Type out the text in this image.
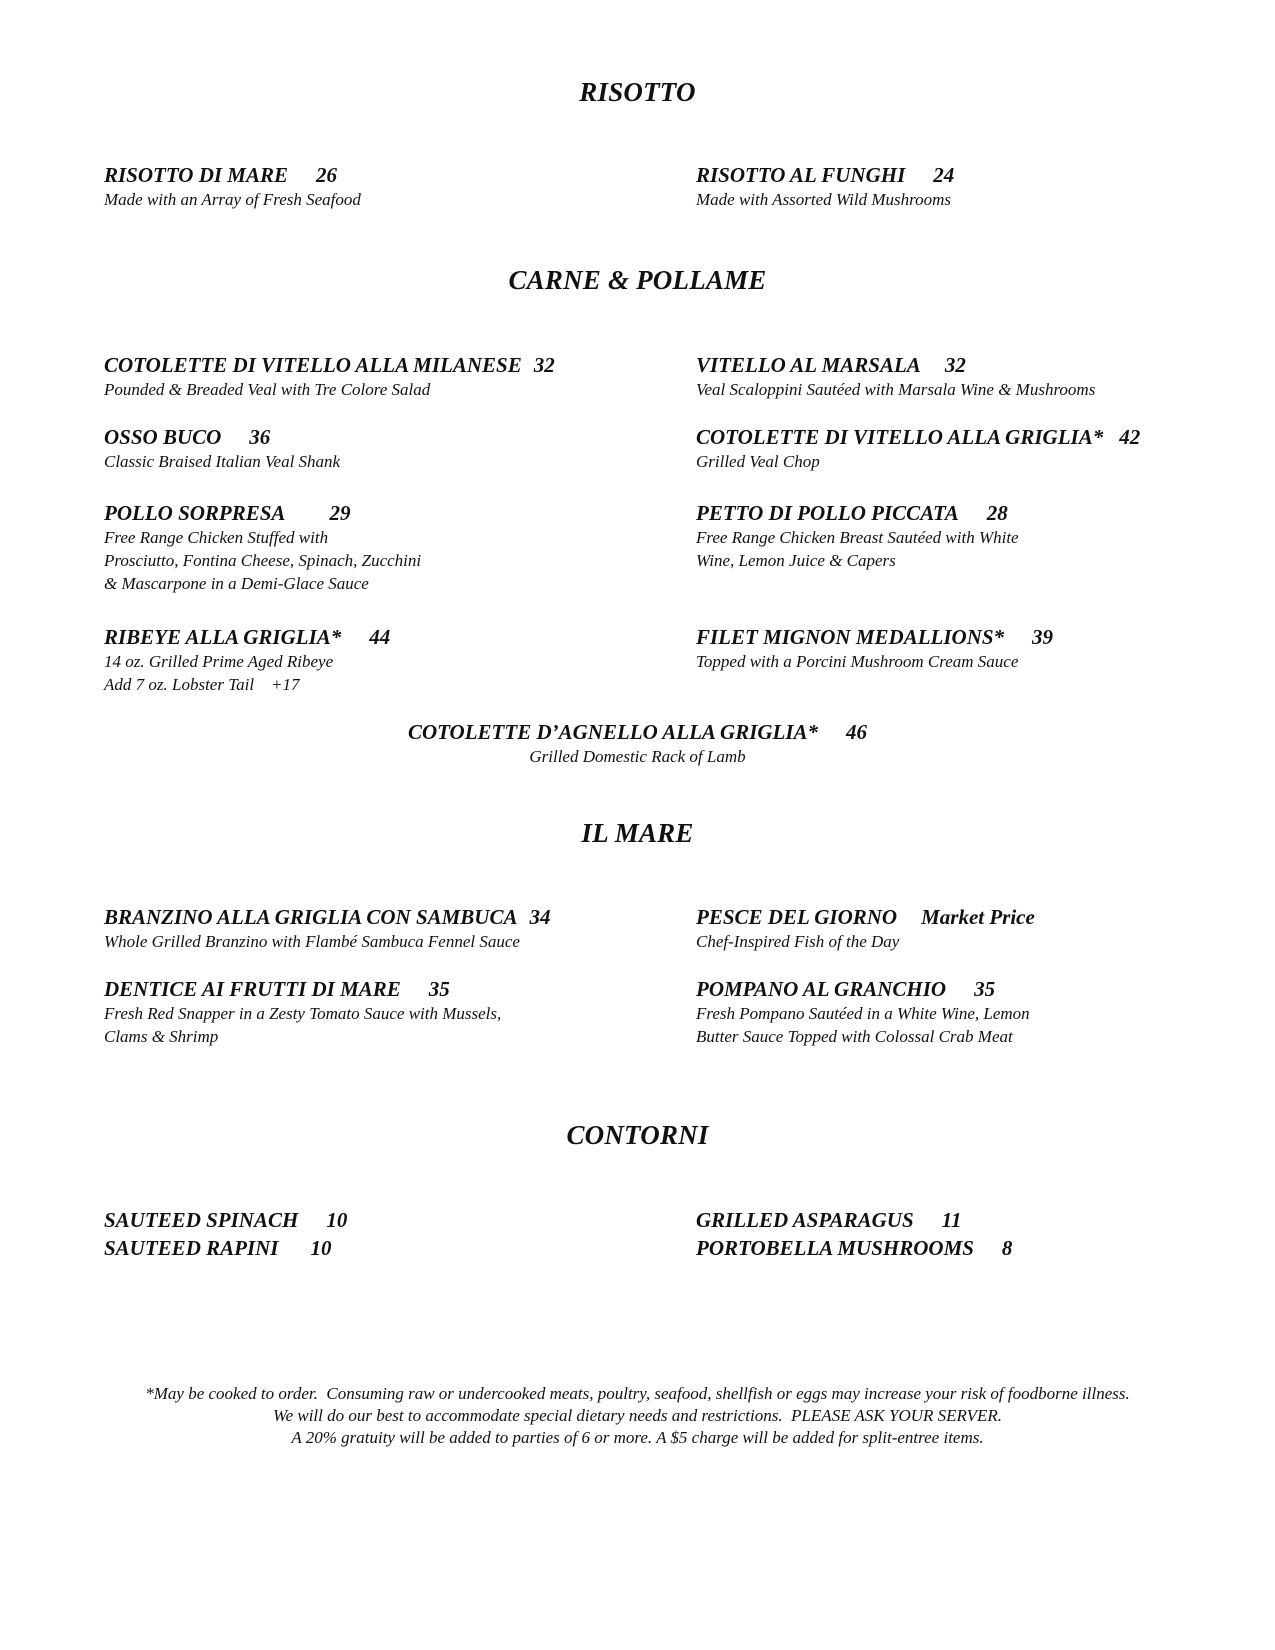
RISOTTO
RISOTTO DI MARE 26
Made with an Array of Fresh Seafood
RISOTTO AL FUNGHI 24
Made with Assorted Wild Mushrooms
CARNE & POLLAME
COTOLETTE DI VITELLO ALLA MILANESE 32
Pounded & Breaded Veal with Tre Colore Salad
VITELLO AL MARSALA 32
Veal Scaloppini Sautéed with Marsala Wine & Mushrooms
OSSO BUCO 36
Classic Braised Italian Veal Shank
COTOLETTE DI VITELLO ALLA GRIGLIA* 42
Grilled Veal Chop
POLLO SORPRESA 29
Free Range Chicken Stuffed with
Prosciutto, Fontina Cheese, Spinach, Zucchini
& Mascarpone in a Demi-Glace Sauce
PETTO DI POLLO PICCATA 28
Free Range Chicken Breast Sautéed with White
Wine, Lemon Juice & Capers
RIBEYE ALLA GRIGLIA* 44
14 oz. Grilled Prime Aged Ribeye
Add 7 oz. Lobster Tail    +17
FILET MIGNON MEDALLIONS* 39
Topped with a Porcini Mushroom Cream Sauce
COTOLETTE D’AGNELLO ALLA GRIGLIA* 46
Grilled Domestic Rack of Lamb
IL MARE
BRANZINO ALLA GRIGLIA CON SAMBUCA 34
Whole Grilled Branzino with Flambé Sambuca Fennel Sauce
PESCE DEL GIORNO Market Price
Chef-Inspired Fish of the Day
DENTICE AI FRUTTI DI MARE 35
Fresh Red Snapper in a Zesty Tomato Sauce with Mussels,
Clams & Shrimp
POMPANO AL GRANCHIO 35
Fresh Pompano Sautéed in a White Wine, Lemon
Butter Sauce Topped with Colossal Crab Meat
CONTORNI
SAUTEED SPINACH 10	GRILLED ASPARAGUS 11
SAUTEED RAPINI 10	PORTOBELLA MUSHROOMS 8
*May be cooked to order.  Consuming raw or undercooked meats, poultry, seafood, shellfish or eggs may increase your risk of foodborne illness.
We will do our best to accommodate special dietary needs and restrictions.  PLEASE ASK YOUR SERVER.
A 20% gratuity will be added to parties of 6 or more. A $5 charge will be added for split-entree items.
